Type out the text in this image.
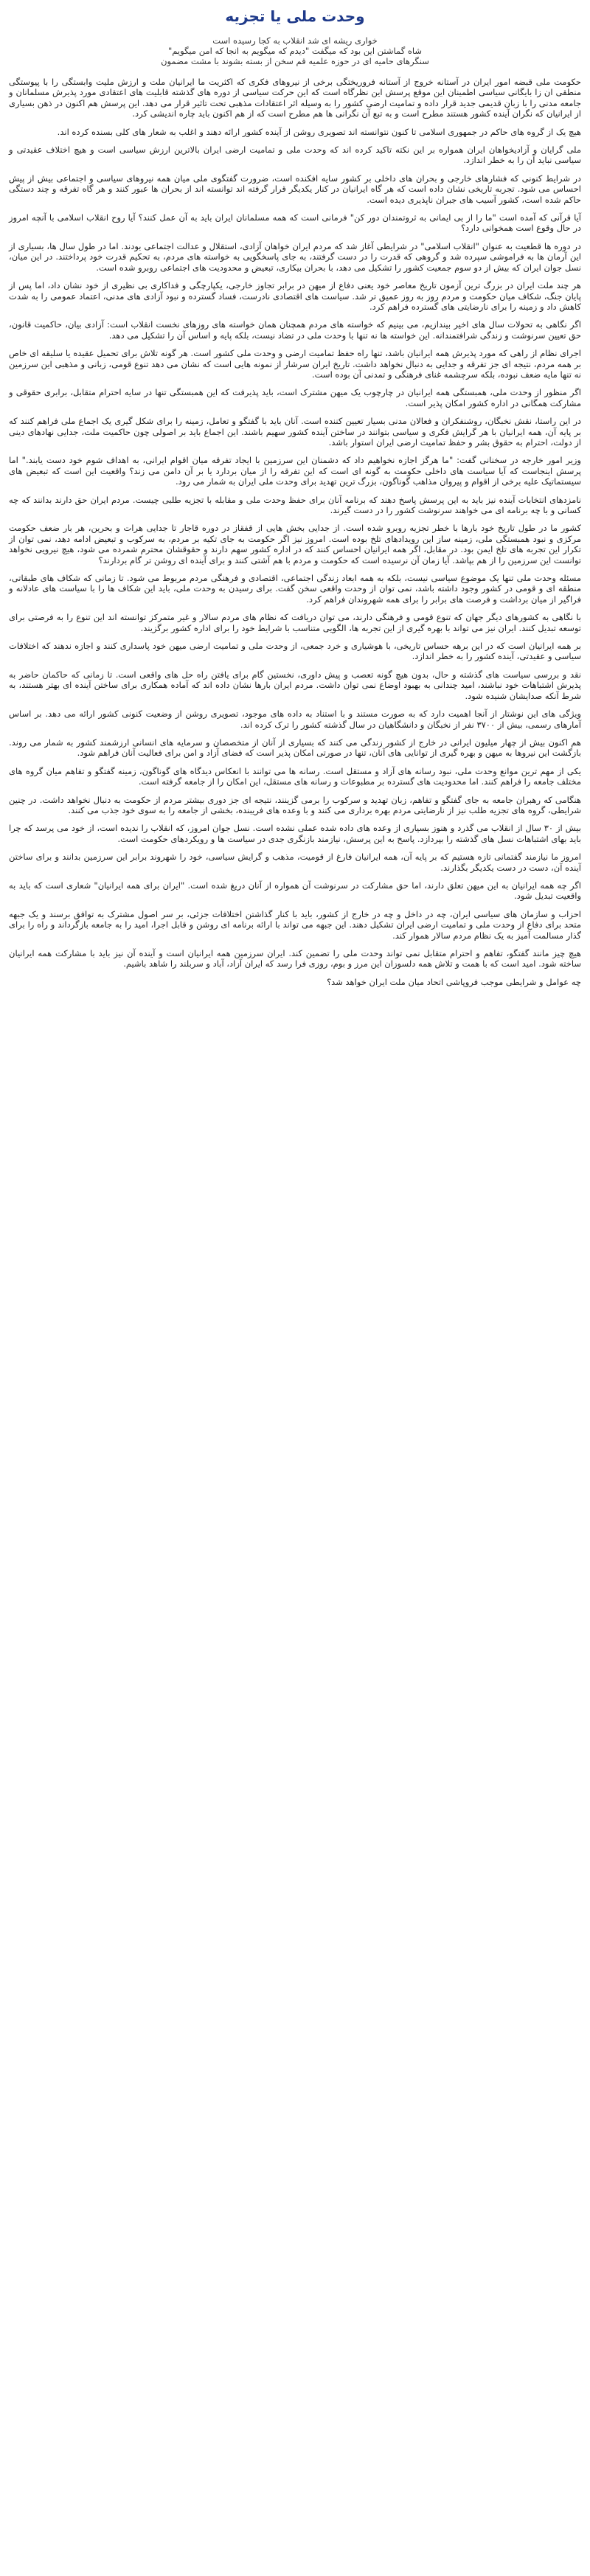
وحدت ملی یا تجزیه
خواری ریشه ای شد انقلاب به کجا رسیده است
شاه گماشتن این بود که میگفت "دیدم که میگویم به انجا که امن میگویم"
سنگرهای حامیه ای در حوزه علمیه قم سخن از بسته بشوند با مشت مضمون

حکومت ملی قبضه امور ایران در آستانه خروج از آستانه فروریختگی برخی از نیروهای فکری که اکثریت ما ایرانیان ملت و ارزش ملیت وابستگی را با پیوستگی منطقی ان زا بایگانی سیاسی اطمینان این موقع پرسش این نظرگاه است که این حرکت سیاسی از دوره های گذشته قابلیت های اعتقادی مورد پذیرش مسلمانان و جامعه مدنی را با زبان قدیمی جدید قرار داده و تمامیت ارضی کشور را به وسیله اثر اعتقادات مذهبی تحت تاثیر قرار می دهد. این پرسش هم اکنون در ذهن بسیاری از ایرانیان که نگران آینده کشور هستند مطرح است و به تبع آن نگرانی ها هم مطرح است که از هم اکنون باید چاره اندیشی کرد.

هیچ یک از گروه های حاکم در جمهوری اسلامی تا کنون نتوانسته اند تصویری روشن از آینده کشور ارائه دهند و اغلب به شعار های کلی بسنده کرده اند.

ملی گرایان و آزادیخواهان ایران همواره بر این نکته تاکید کرده اند که وحدت ملی و تمامیت ارضی ایران بالاترین ارزش سیاسی است و هیچ اختلاف عقیدتی و سیاسی نباید آن را به خطر اندازد.

در شرایط کنونی که فشارهای خارجی و بحران های داخلی بر کشور سایه افکنده است، ضرورت گفتگوی ملی میان همه نیروهای سیاسی و اجتماعی بیش از پیش احساس می شود. تجربه تاریخی نشان داده است که هر گاه ایرانیان در کنار یکدیگر قرار گرفته اند توانسته اند از بحران ها عبور کنند و هر گاه تفرقه و چند دستگی حاکم شده است، کشور آسیب های جبران ناپذیری دیده است.

آیا قرآنی که آمده است "ما را از بی ایمانی به ثروتمندان دور کن" فرمانی است که همه مسلمانان ایران باید به آن عمل کنند؟ آیا روح انقلاب اسلامی با آنچه امروز در حال وقوع است همخوانی دارد؟

در دوره ها قطعیت به عنوان "انقلاب اسلامی" در شرایطی آغاز شد که مردم ایران خواهان آزادی، استقلال و عدالت اجتماعی بودند. اما در طول سال ها، بسیاری از این آرمان ها به فراموشی سپرده شد و گروهی که قدرت را در دست گرفتند، به جای پاسخگویی به خواسته های مردم، به تحکیم قدرت خود پرداختند. در این میان، نسل جوان ایران که بیش از دو سوم جمعیت کشور را تشکیل می دهد، با بحران بیکاری، تبعیض و محدودیت های اجتماعی روبرو شده است.

هر چند ملت ایران در بزرگ ترین آزمون تاریخ معاصر خود یعنی دفاع از میهن در برابر تجاوز خارجی، یکپارچگی و فداکاری بی نظیری از خود نشان داد، اما پس از پایان جنگ، شکاف میان حکومت و مردم روز به روز عمیق تر شد. سیاست های اقتصادی نادرست، فساد گسترده و نبود آزادی های مدنی، اعتماد عمومی را به شدت کاهش داد و زمینه را برای نارضایتی های گسترده فراهم کرد.

اگر نگاهی به تحولات سال های اخیر بیندازیم، می بینیم که خواسته های مردم همچنان همان خواسته های روزهای نخست انقلاب است: آزادی بیان، حاکمیت قانون، حق تعیین سرنوشت و زندگی شرافتمندانه. این خواسته ها نه تنها با وحدت ملی در تضاد نیست، بلکه پایه و اساس آن را تشکیل می دهد.

اجرای نظام از راهی که مورد پذیرش همه ایرانیان باشد، تنها راه حفظ تمامیت ارضی و وحدت ملی کشور است. هر گونه تلاش برای تحمیل عقیده یا سلیقه ای خاص بر همه مردم، نتیجه ای جز تفرقه و جدایی به دنبال نخواهد داشت. تاریخ ایران سرشار از نمونه هایی است که نشان می دهد تنوع قومی، زبانی و مذهبی این سرزمین نه تنها مایه ضعف نبوده، بلکه سرچشمه غنای فرهنگی و تمدنی آن بوده است.

اگر منظور از وحدت ملی، همبستگی همه ایرانیان در چارچوب یک میهن مشترک است، باید پذیرفت که این همبستگی تنها در سایه احترام متقابل، برابری حقوقی و مشارکت همگانی در اداره کشور امکان پذیر است.

در این راستا، نقش نخبگان، روشنفکران و فعالان مدنی بسیار تعیین کننده است. آنان باید با گفتگو و تعامل، زمینه را برای شکل گیری یک اجماع ملی فراهم کنند که بر پایه آن، همه ایرانیان با هر گرایش فکری و سیاسی بتوانند در ساختن آینده کشور سهیم باشند. این اجماع باید بر اصولی چون حاکمیت ملت، جدایی نهادهای دینی از دولت، احترام به حقوق بشر و حفظ تمامیت ارضی ایران استوار باشد.

وزیر امور خارجه در سخنانی گفت: "ما هرگز اجازه نخواهیم داد که دشمنان این سرزمین با ایجاد تفرقه میان اقوام ایرانی، به اهداف شوم خود دست یابند." اما پرسش اینجاست که آیا سیاست های داخلی حکومت به گونه ای است که این تفرقه را از میان بردارد یا بر آن دامن می زند؟ واقعیت این است که تبعیض های سیستماتیک علیه برخی از اقوام و پیروان مذاهب گوناگون، بزرگ ترین تهدید برای وحدت ملی ایران به شمار می رود.

نامزدهای انتخابات آینده نیز باید به این پرسش پاسخ دهند که برنامه آنان برای حفظ وحدت ملی و مقابله با تجزیه طلبی چیست. مردم ایران حق دارند بدانند که چه کسانی و با چه برنامه ای می خواهند سرنوشت کشور را در دست گیرند.

کشور ما در طول تاریخ خود بارها با خطر تجزیه روبرو شده است. از جدایی بخش هایی از قفقاز در دوره قاجار تا جدایی هرات و بحرین، هر بار ضعف حکومت مرکزی و نبود همبستگی ملی، زمینه ساز این رویدادهای تلخ بوده است. امروز نیز اگر حکومت به جای تکیه بر مردم، به سرکوب و تبعیض ادامه دهد، نمی توان از تکرار این تجربه های تلخ ایمن بود. در مقابل، اگر همه ایرانیان احساس کنند که در اداره کشور سهم دارند و حقوقشان محترم شمرده می شود، هیچ نیرویی نخواهد توانست این سرزمین را از هم بپاشد. آیا زمان آن نرسیده است که حکومت و مردم با هم آشتی کنند و برای آینده ای روشن تر گام بردارند؟

مسئله وحدت ملی تنها یک موضوع سیاسی نیست، بلکه به همه ابعاد زندگی اجتماعی، اقتصادی و فرهنگی مردم مربوط می شود. تا زمانی که شکاف های طبقاتی، منطقه ای و قومی در کشور وجود داشته باشد، نمی توان از وحدت واقعی سخن گفت. برای رسیدن به وحدت ملی، باید این شکاف ها را با سیاست های عادلانه و فراگیر از میان برداشت و فرصت های برابر را برای همه شهروندان فراهم کرد.

با نگاهی به کشورهای دیگر جهان که تنوع قومی و فرهنگی دارند، می توان دریافت که نظام های مردم سالار و غیر متمرکز توانسته اند این تنوع را به فرصتی برای توسعه تبدیل کنند. ایران نیز می تواند با بهره گیری از این تجربه ها، الگویی متناسب با شرایط خود را برای اداره کشور برگزیند.

بر همه ایرانیان است که در این برهه حساس تاریخی، با هوشیاری و خرد جمعی، از وحدت ملی و تمامیت ارضی میهن خود پاسداری کنند و اجازه ندهند که اختلافات سیاسی و عقیدتی، آینده کشور را به خطر اندازد.

نقد و بررسی سیاست های گذشته و حال، بدون هیچ گونه تعصب و پیش داوری، نخستین گام برای یافتن راه حل های واقعی است. تا زمانی که حاکمان حاضر به پذیرش اشتباهات خود نباشند، امید چندانی به بهبود اوضاع نمی توان داشت. مردم ایران بارها نشان داده اند که آماده همکاری برای ساختن آینده ای بهتر هستند، به شرط آنکه صدایشان شنیده شود.

ویژگی های این نوشتار از آنجا اهمیت دارد که به صورت مستند و با استناد به داده های موجود، تصویری روشن از وضعیت کنونی کشور ارائه می دهد. بر اساس آمارهای رسمی، بیش از ۳۷۰۰ نفر از نخبگان و دانشگاهیان در سال گذشته کشور را ترک کرده اند.

هم اکنون بیش از چهار میلیون ایرانی در خارج از کشور زندگی می کنند که بسیاری از آنان از متخصصان و سرمایه های انسانی ارزشمند کشور به شمار می روند. بازگشت این نیروها به میهن و بهره گیری از توانایی های آنان، تنها در صورتی امکان پذیر است که فضای آزاد و امن برای فعالیت آنان فراهم شود.

یکی از مهم ترین موانع وحدت ملی، نبود رسانه های آزاد و مستقل است. رسانه ها می توانند با انعکاس دیدگاه های گوناگون، زمینه گفتگو و تفاهم میان گروه های مختلف جامعه را فراهم کنند. اما محدودیت های گسترده بر مطبوعات و رسانه های مستقل، این امکان را از جامعه گرفته است.

هنگامی که رهبران جامعه به جای گفتگو و تفاهم، زبان تهدید و سرکوب را برمی گزینند، نتیجه ای جز دوری بیشتر مردم از حکومت به دنبال نخواهد داشت. در چنین شرایطی، گروه های تجزیه طلب نیز از نارضایتی مردم بهره برداری می کنند و با وعده های فریبنده، بخشی از جامعه را به سوی خود جذب می کنند.

بیش از ۳۰ سال از انقلاب می گذرد و هنوز بسیاری از وعده های داده شده عملی نشده است. نسل جوان امروز، که انقلاب را ندیده است، از خود می پرسد که چرا باید بهای اشتباهات نسل های گذشته را بپردازد. پاسخ به این پرسش، نیازمند بازنگری جدی در سیاست ها و رویکردهای حکومت است.

امروز ما نیازمند گفتمانی تازه هستیم که بر پایه آن، همه ایرانیان فارغ از قومیت، مذهب و گرایش سیاسی، خود را شهروند برابر این سرزمین بدانند و برای ساختن آینده آن، دست در دست یکدیگر بگذارند.

اگر چه همه ایرانیان به این میهن تعلق دارند، اما حق مشارکت در سرنوشت آن همواره از آنان دریغ شده است. "ایران برای همه ایرانیان" شعاری است که باید به واقعیت تبدیل شود.

احزاب و سازمان های سیاسی ایران، چه در داخل و چه در خارج از کشور، باید با کنار گذاشتن اختلافات جزئی، بر سر اصول مشترک به توافق برسند و یک جبهه متحد برای دفاع از وحدت ملی و تمامیت ارضی ایران تشکیل دهند. این جبهه می تواند با ارائه برنامه ای روشن و قابل اجرا، امید را به جامعه بازگرداند و راه را برای گذار مسالمت آمیز به یک نظام مردم سالار هموار کند.

هیچ چیز مانند گفتگو، تفاهم و احترام متقابل نمی تواند وحدت ملی را تضمین کند. ایران سرزمین همه ایرانیان است و آینده آن نیز باید با مشارکت همه ایرانیان ساخته شود. امید است که با همت و تلاش همه دلسوزان این مرز و بوم، روزی فرا رسد که ایران آزاد، آباد و سربلند را شاهد باشیم.

چه عوامل و شرایطی موجب فروپاشی اتحاد میان ملت ایران خواهد شد؟
